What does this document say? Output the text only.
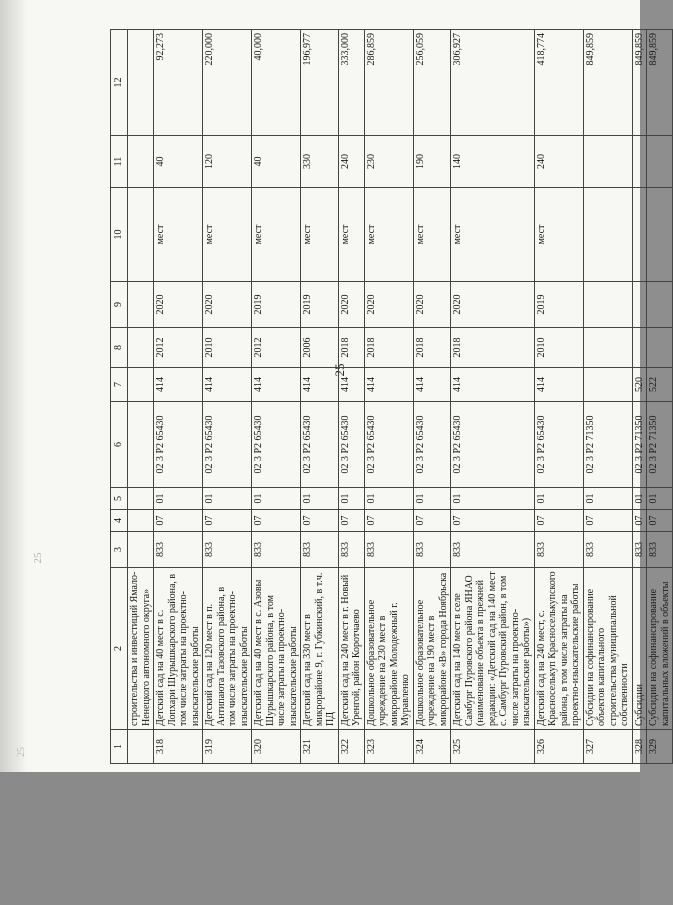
25
25
25
1	2	3	4	5	6	7	8	9	10	11	12
	строительства и инвестиций Ямало-Ненецкого автономного округа»										
318	Детский сад на 40 мест в с. Лопхари Шурышкарского района, в том числе затраты на проектно-изыскательские работы	833	07	01	02 3 P2 65430	414	2012	2020	мест	40	92,273
319	Детский сад на 120 мест в п. Антипаюта Тазовского района, в том числе затраты на проектно-изыскательские работы	833	07	01	02 3 P2 65430	414	2010	2020	мест	120	220,000
320	Детский сад на 40 мест в с. Азовы Шурышкарского района, в том числе затраты на проектно-изыскательские работы	833	07	01	02 3 P2 65430	414	2012	2019	мест	40	40,000
321	Детский сад на 330 мест в микрорайоне 9, г. Губкинский, в т.ч. ПД	833	07	01	02 3 P2 65430	414	2006	2019	мест	330	196,977
322	Детский сад на 240 мест в г. Новый Уренгой, район Коротчаево	833	07	01	02 3 P2 65430	414	2018	2020	мест	240	333,000
323	Дошкольное образовательное учреждение на 230 мест в микрорайоне Молодежный г. Муравленко	833	07	01	02 3 P2 65430	414	2018	2020	мест	230	286,859
324	Дошкольное образовательное учреждение на 190 мест в микрорайоне «В» города Ноябрьска	833	07	01	02 3 P2 65430	414	2018	2020	мест	190	256,059
325	Детский сад на 140 мест в селе Самбург Пуровского района ЯНАО (наименование объекта в прежней редакции: «Детский сад на 140 мест с. Самбург Пуровский район, в том числе затраты на проектно-изыскательские работы»)	833	07	01	02 3 P2 65430	414	2018	2020	мест	140	306,927
326	Детский сад на 240 мест, с. Красноселькуп Красноселькупского района, в том числе затраты на проектно-изыскательские работы	833	07	01	02 3 P2 65430	414	2010	2019	мест	240	418,774
327	Субсидии на софинансирование объектов капитального строительства муниципальной собственности	833	07	01	02 3 P2 71350						849,859
328	Субсидии	833	07	01	02 3 P2 71350	520					849,859
329	Субсидии на софинансирование капитальных вложений в объекты	833	07	01	02 3 P2 71350	522					849,859
